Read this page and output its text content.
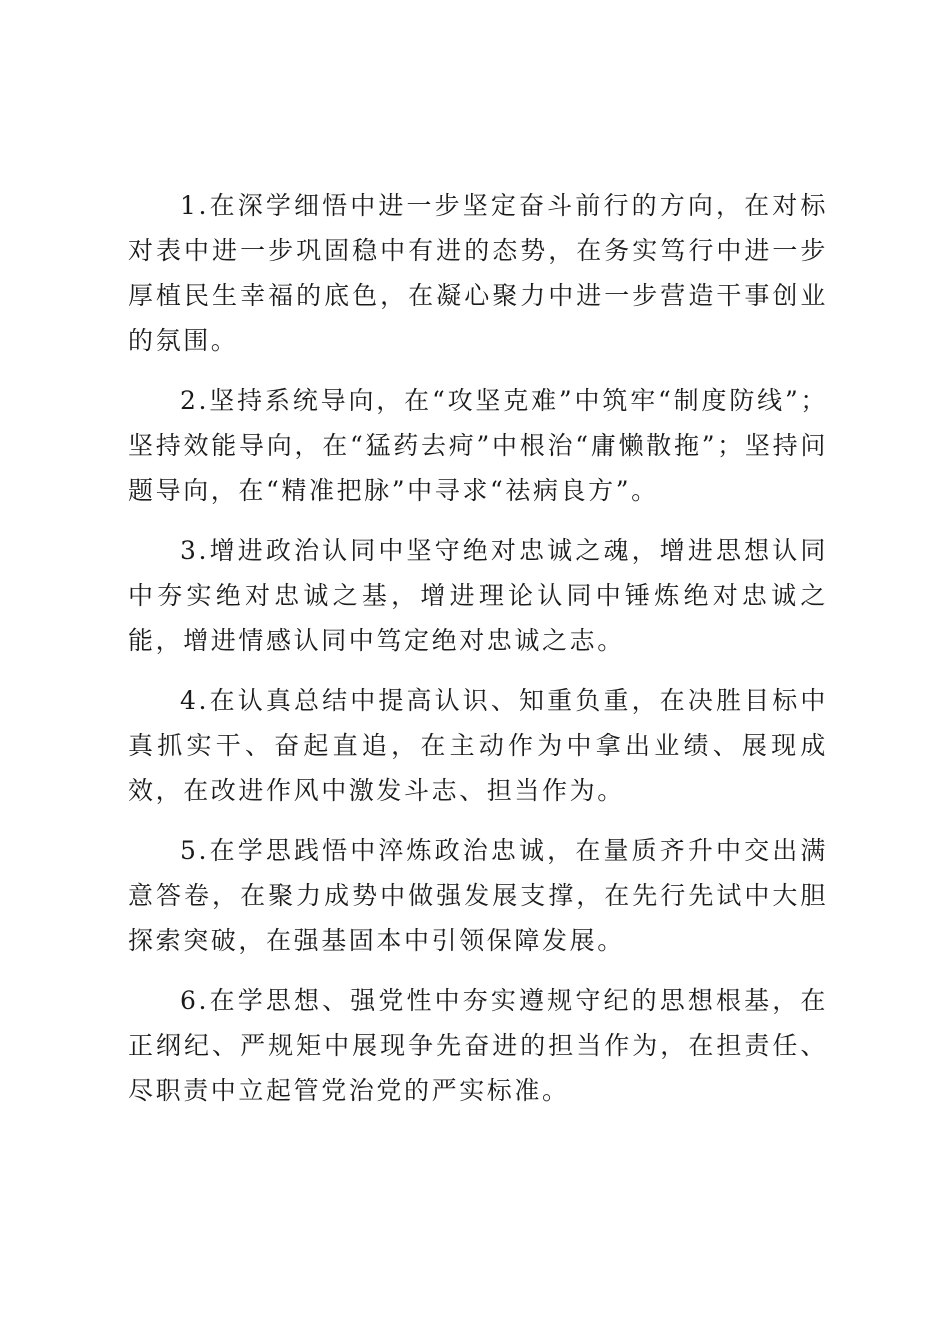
1.在深学细悟中进一步坚定奋斗前行的方向，在对标对表中进一步巩固稳中有进的态势，在务实笃行中进一步厚植民生幸福的底色，在凝心聚力中进一步营造干事创业的氛围。

2.坚持系统导向，在“攻坚克难”中筑牢“制度防线”；坚持效能导向，在“猛药去疴”中根治“庸懒散拖”；坚持问题导向，在“精准把脉”中寻求“祛病良方”。

3.增进政治认同中坚守绝对忠诚之魂，增进思想认同中夯实绝对忠诚之基，增进理论认同中锤炼绝对忠诚之能，增进情感认同中笃定绝对忠诚之志。

4.在认真总结中提高认识、知重负重，在决胜目标中真抓实干、奋起直追，在主动作为中拿出业绩、展现成效，在改进作风中激发斗志、担当作为。

5.在学思践悟中淬炼政治忠诚，在量质齐升中交出满意答卷，在聚力成势中做强发展支撑，在先行先试中大胆探索突破，在强基固本中引领保障发展。

6.在学思想、强党性中夯实遵规守纪的思想根基，在正纲纪、严规矩中展现争先奋进的担当作为，在担责任、尽职责中立起管党治党的严实标准。
